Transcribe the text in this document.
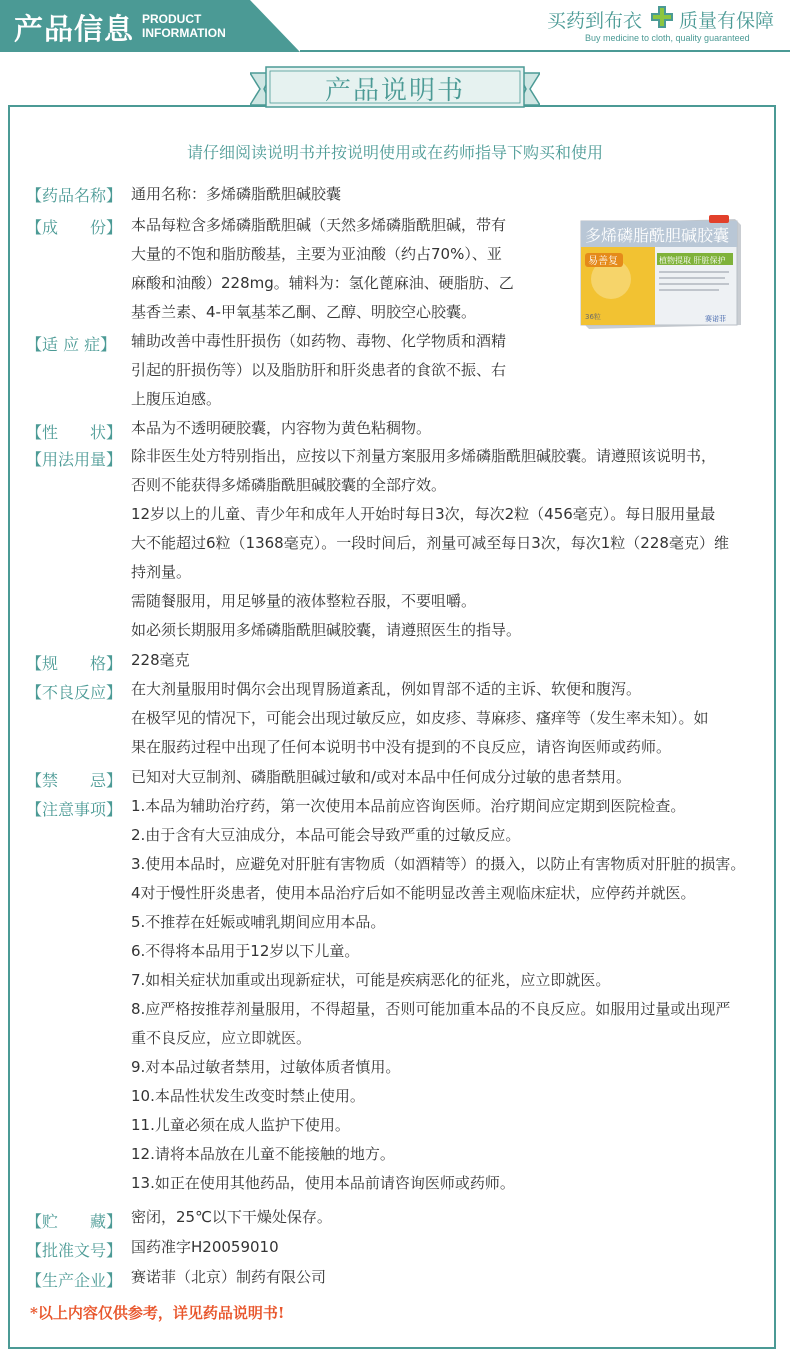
产品信息 PRODUCT
INFORMATION
买药到布衣 质量有保障
Buy medicine to cloth, quality guaranteed
产品说明书
请仔细阅读说明书并按说明使用或在药师指导下购买和使用
【药品名称】 通用名称：多烯磷脂酰胆碱胶囊
【成　　份】 本品每粒含多烯磷脂酰胆碱（天然多烯磷脂酰胆碱，带有
大量的不饱和脂肪酸基，主要为亚油酸（约占70%）、亚
麻酸和油酸）228mg。辅料为：氢化蓖麻油、硬脂肪、乙
基香兰素、4-甲氧基苯乙酮、乙醇、明胶空心胶囊。
【适 应 症】 辅助改善中毒性肝损伤（如药物、毒物、化学物质和酒精
引起的肝损伤等）以及脂肪肝和肝炎患者的食欲不振、右
上腹压迫感。
【性　　状】 本品为不透明硬胶囊，内容物为黄色粘稠物。
【用法用量】 除非医生处方特别指出，应按以下剂量方案服用多烯磷脂酰胆碱胶囊。请遵照该说明书，
否则不能获得多烯磷脂酰胆碱胶囊的全部疗效。
12岁以上的儿童、青少年和成年人开始时每日3次，每次2粒（456毫克）。每日服用量最
大不能超过6粒（1368毫克）。一段时间后，剂量可减至每日3次，每次1粒（228毫克）维
持剂量。
需随餐服用，用足够量的液体整粒吞服，不要咀嚼。
如必须长期服用多烯磷脂酰胆碱胶囊，请遵照医生的指导。
【规　　格】 228毫克
【不良反应】 在大剂量服用时偶尔会出现胃肠道紊乱，例如胃部不适的主诉、软便和腹泻。
在极罕见的情况下，可能会出现过敏反应，如皮疹、荨麻疹、瘙痒等（发生率未知）。如
果在服药过程中出现了任何本说明书中没有提到的不良反应，请咨询医师或药师。
【禁　　忌】 已知对大豆制剂、磷脂酰胆碱过敏和/或对本品中任何成分过敏的患者禁用。
【注意事项】 1.本品为辅助治疗药，第一次使用本品前应咨询医师。治疗期间应定期到医院检查。
2.由于含有大豆油成分，本品可能会导致严重的过敏反应。
3.使用本品时，应避免对肝脏有害物质（如酒精等）的摄入，以防止有害物质对肝脏的损害。
4对于慢性肝炎患者，使用本品治疗后如不能明显改善主观临床症状，应停药并就医。
5.不推荐在妊娠或哺乳期间应用本品。
6.不得将本品用于12岁以下儿童。
7.如相关症状加重或出现新症状，可能是疾病恶化的征兆，应立即就医。
8.应严格按推荐剂量服用，不得超量，否则可能加重本品的不良反应。如服用过量或出现严
重不良反应，应立即就医。
9.对本品过敏者禁用，过敏体质者慎用。
10.本品性状发生改变时禁止使用。
11.儿童必须在成人监护下使用。
12.请将本品放在儿童不能接触的地方。
13.如正在使用其他药品，使用本品前请咨询医师或药师。
【贮　　藏】 密闭，25℃以下干燥处保存。
【批准文号】 国药准字H20059010
【生产企业】 赛诺菲（北京）制药有限公司
多烯磷脂酰胆碱胶囊
易善复	植物提取 肝脏保护
36粒	赛诺菲
*以上内容仅供参考，详见药品说明书!
